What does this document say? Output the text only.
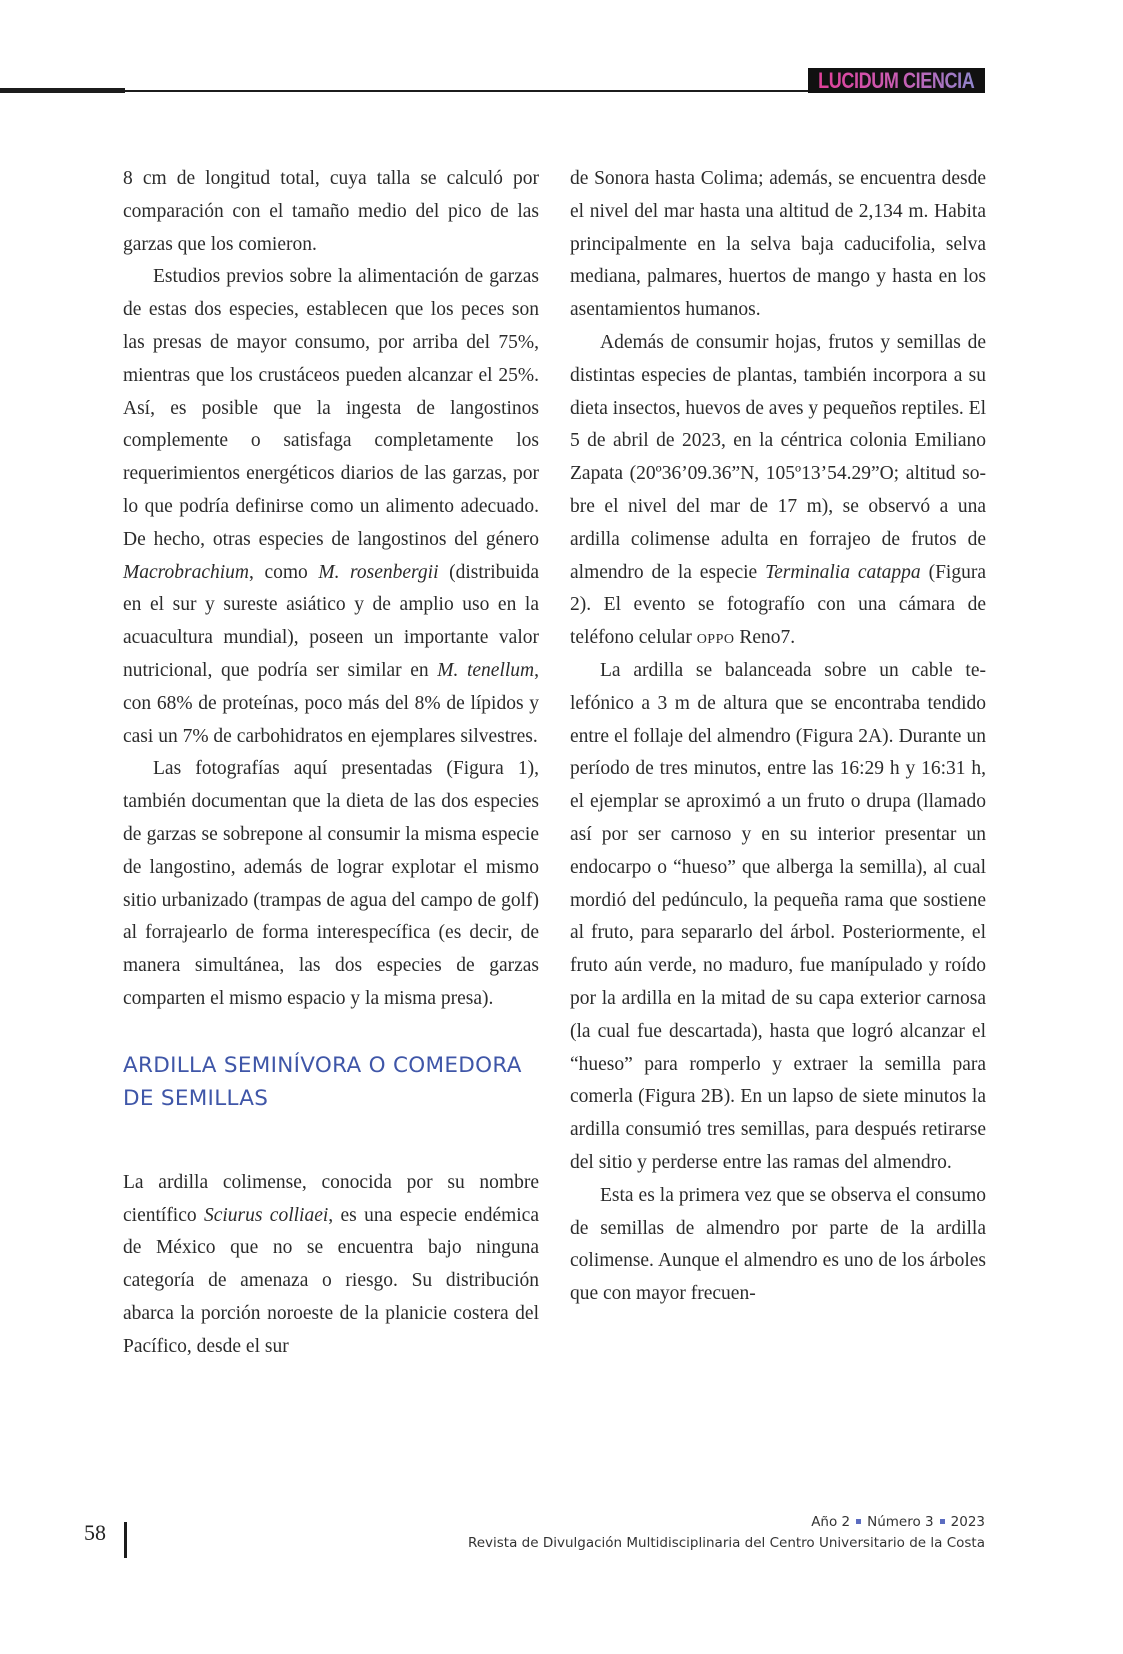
LUCIDUM CIENCIA

8 cm de longitud total, cuya talla se calculó por comparación con el tamaño medio del pico de las garzas que los comieron.

Estudios previos sobre la alimentación de garzas de estas dos especies, establecen que los peces son las presas de mayor consumo, por arriba del 75%, mientras que los crustáceos pueden alcanzar el 25%. Así, es posible que la ingesta de langostinos complemente o satisfaga completamente los requerimientos energéticos diarios de las garzas, por lo que podría definirse como un alimento adecuado. De hecho, otras especies de langostinos del género Macrobrachium, como M. rosenbergii (distribuida en el sur y sureste asiático y de amplio uso en la acuacultura mundial), poseen un importante valor nutricional, que podría ser similar en M. tenellum, con 68% de proteínas, poco más del 8% de lípidos y casi un 7% de carbohidratos en ejemplares silvestres.

Las fotografías aquí presentadas (Figura 1), también documentan que la dieta de las dos especies de garzas se sobrepone al consumir la misma especie de langostino, además de lograr explotar el mismo sitio urbanizado (trampas de agua del campo de golf) al forrajearlo de forma interespecífica (es decir, de manera simultánea, las dos especies de garzas comparten el mismo espacio y la misma presa).

ARDILLA SEMINÍVORA O COMEDORA DE SEMILLAS

La ardilla colimense, conocida por su nombre científico Sciurus colliaei, es una especie endémica de México que no se encuentra bajo ninguna categoría de amenaza o riesgo. Su distribución abarca la porción noroeste de la planicie costera del Pacífico, desde el sur

de Sonora hasta Colima; además, se encuentra desde el nivel del mar hasta una altitud de 2,134 m. Habita principalmente en la selva baja caducifolia, selva mediana, palmares, huertos de mango y hasta en los asentamientos humanos.

Además de consumir hojas, frutos y semillas de distintas especies de plantas, también incorpora a su dieta insectos, huevos de aves y pequeños reptiles. El 5 de abril de 2023, en la céntrica colonia Emiliano Zapata (20º36’09.36”N, 105º13’54.29”O; altitud sobre el nivel del mar de 17 m), se observó a una ardilla colimense adulta en forrajeo de frutos de almendro de la especie Terminalia catappa (Figura 2). El evento se fotografío con una cámara de teléfono celular oppo Reno7.

La ardilla se balanceada sobre un cable telefónico a 3 m de altura que se encontraba tendido entre el follaje del almendro (Figura 2A). Durante un período de tres minutos, entre las 16:29 h y 16:31 h, el ejemplar se aproximó a un fruto o drupa (llamado así por ser carnoso y en su interior presentar un endocarpo o “hueso” que alberga la semilla), al cual mordió del pedúnculo, la pequeña rama que sostiene al fruto, para separarlo del árbol. Posteriormente, el fruto aún verde, no maduro, fue manípulado y roído por la ardilla en la mitad de su capa exterior carnosa (la cual fue descartada), hasta que logró alcanzar el “hueso” para romperlo y extraer la semilla para comerla (Figura 2B). En un lapso de siete minutos la ardilla consumió tres semillas, para después retirarse del sitio y perderse entre las ramas del almendro.

Esta es la primera vez que se observa el consumo de semillas de almendro por parte de la ardilla colimense. Aunque el almendro es uno de los árboles que con mayor frecuen-

58	Año 2 Número 3 2023
Revista de Divulgación Multidisciplinaria del Centro Universitario de la Costa
